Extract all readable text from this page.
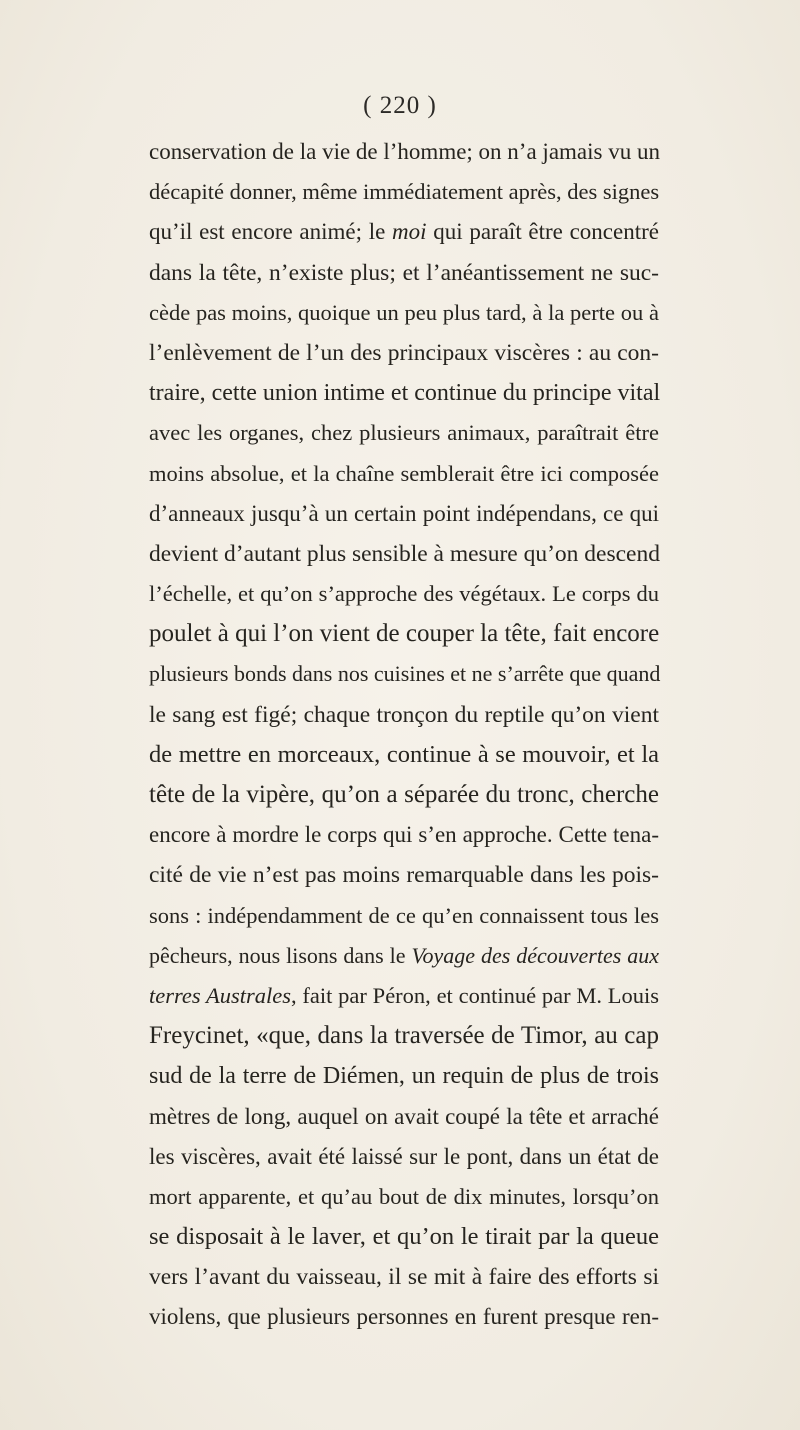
( 220 )
conservation de la vie de l’homme; on n’a jamais vu un
décapité donner, même immédiatement après, des signes
qu’il est encore animé; le moi qui paraît être concentré
dans la tête, n’existe plus; et l’anéantissement ne suc-
cède pas moins, quoique un peu plus tard, à la perte ou à
l’enlèvement de l’un des principaux viscères : au con-
traire, cette union intime et continue du principe vital
avec les organes, chez plusieurs animaux, paraîtrait être
moins absolue, et la chaîne semblerait être ici composée
d’anneaux jusqu’à un certain point indépendans, ce qui
devient d’autant plus sensible à mesure qu’on descend
l’échelle, et qu’on s’approche des végétaux. Le corps du
poulet à qui l’on vient de couper la tête, fait encore
plusieurs bonds dans nos cuisines et ne s’arrête que quand
le sang est figé; chaque tronçon du reptile qu’on vient
de mettre en morceaux, continue à se mouvoir, et la
tête de la vipère, qu’on a séparée du tronc, cherche
encore à mordre le corps qui s’en approche. Cette tena-
cité de vie n’est pas moins remarquable dans les pois-
sons : indépendamment de ce qu’en connaissent tous les
pêcheurs, nous lisons dans le Voyage des découvertes aux
terres Australes, fait par Péron, et continué par M. Louis
Freycinet, «que, dans la traversée de Timor, au cap
sud de la terre de Diémen, un requin de plus de trois
mètres de long, auquel on avait coupé la tête et arraché
les viscères, avait été laissé sur le pont, dans un état de
mort apparente, et qu’au bout de dix minutes, lorsqu’on
se disposait à le laver, et qu’on le tirait par la queue
vers l’avant du vaisseau, il se mit à faire des efforts si
violens, que plusieurs personnes en furent presque ren-
